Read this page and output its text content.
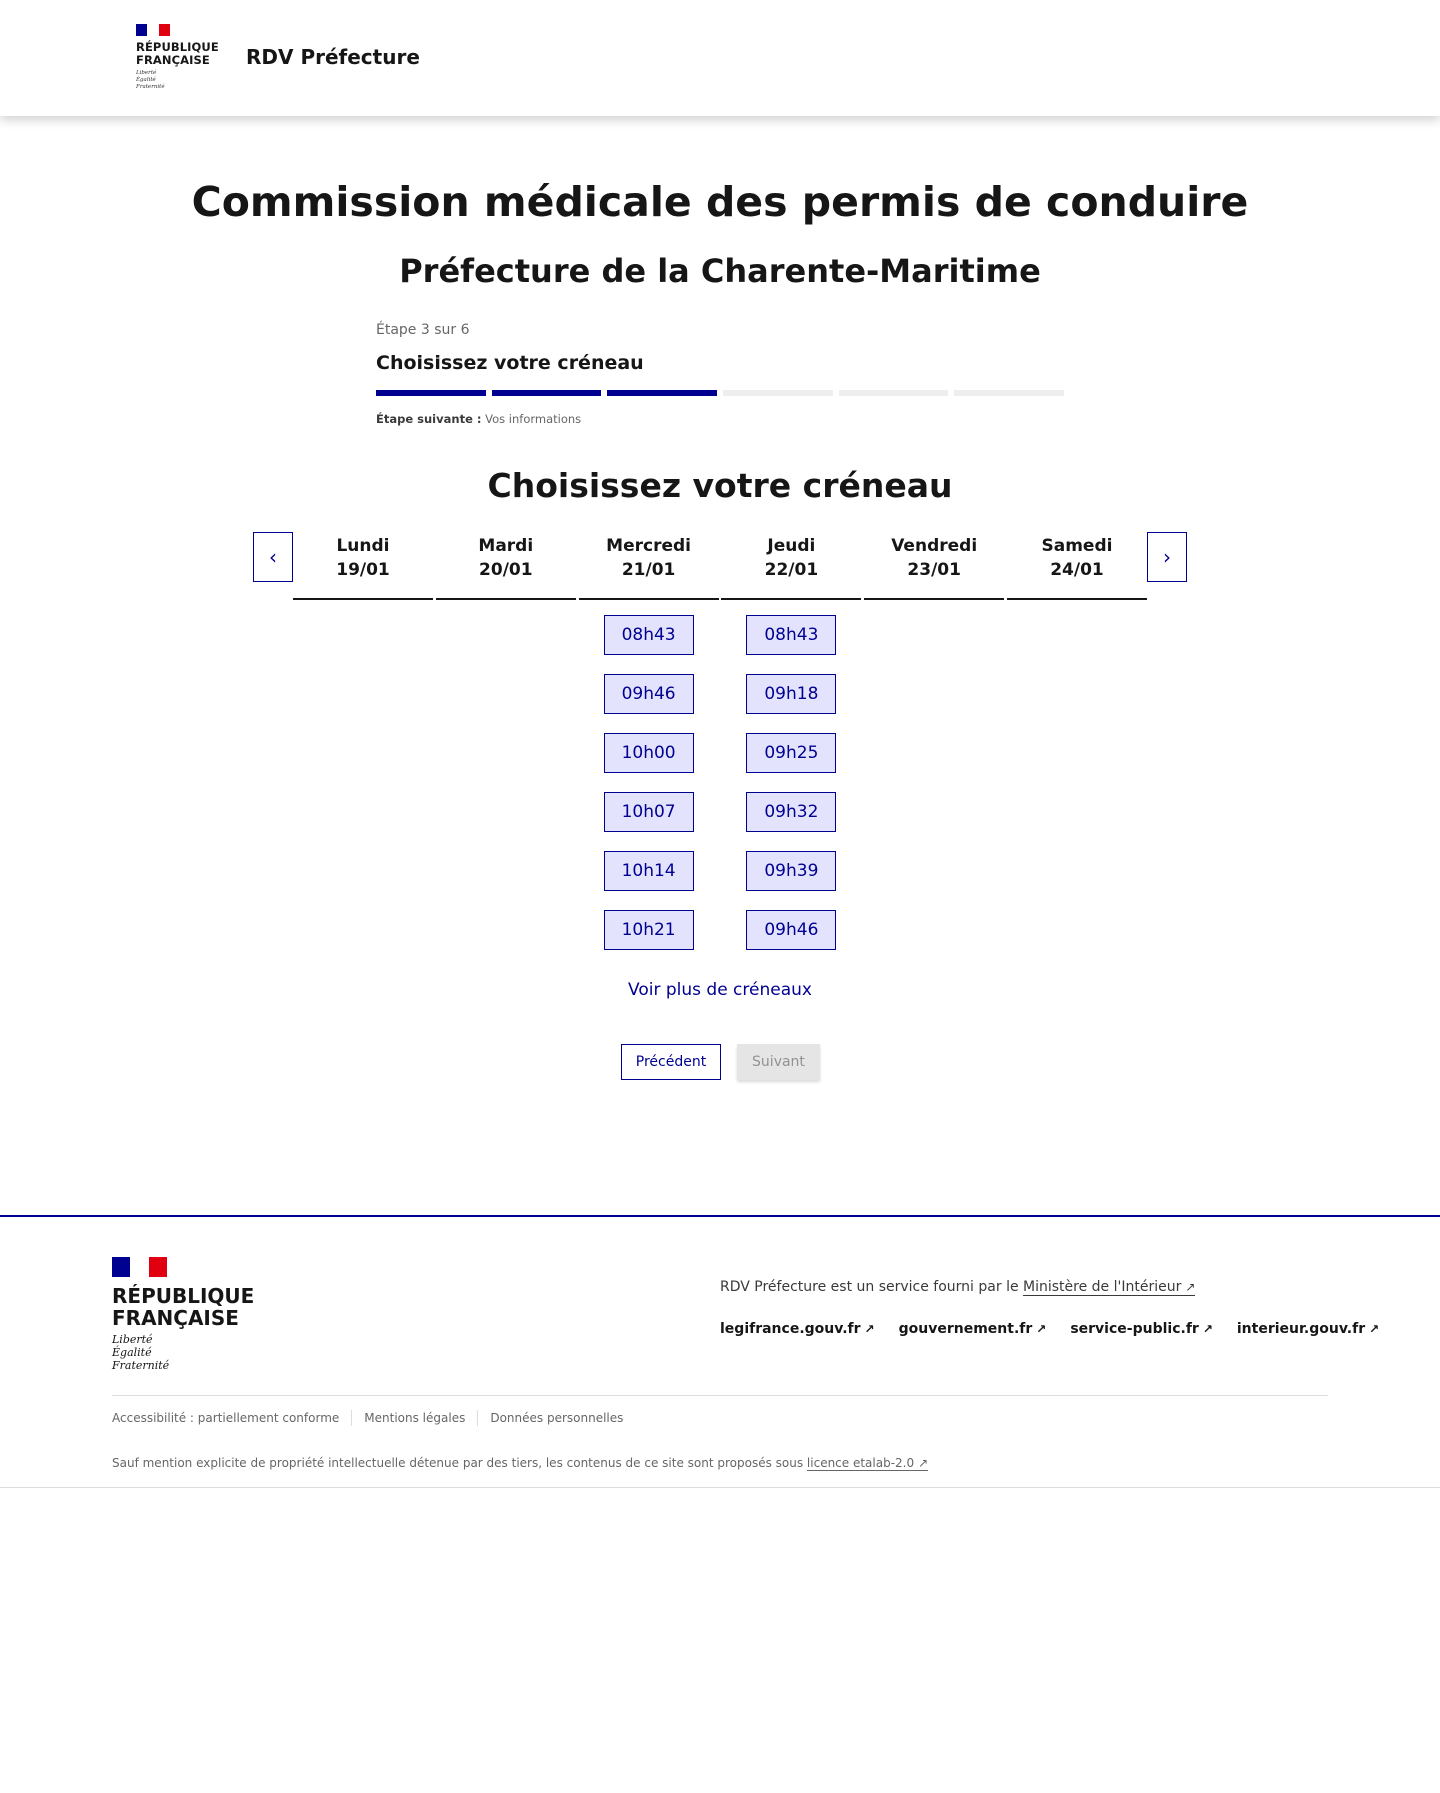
RÉPUBLIQUE
FRANÇAISE
Liberté
Égalité
Fraternité
RDV Préfecture
Commission médicale des permis de conduire
Préfecture de la Charente-Maritime
Étape 3 sur 6
Choisissez votre créneau
Étape suivante : Vos informations
Choisissez votre créneau
‹	›
Lundi
19/01
Mardi
20/01
Mercredi
21/01
08h43
09h46
10h00
10h07
10h14
10h21
Jeudi
22/01
08h43
09h18
09h25
09h32
09h39
09h46
Vendredi
23/01
Samedi
24/01
Voir plus de créneaux
Précédent	Suivant
RÉPUBLIQUE
FRANÇAISE
Liberté
Égalité
Fraternité
RDV Préfecture est un service fourni par le Ministère de l'Intérieur ↗
legifrance.gouv.fr ↗ gouvernement.fr ↗ service-public.fr ↗ interieur.gouv.fr ↗
Accessibilité : partiellement conforme Mentions légales Données personnelles
Sauf mention explicite de propriété intellectuelle détenue par des tiers, les contenus de ce site sont proposés sous licence etalab-2.0 ↗
